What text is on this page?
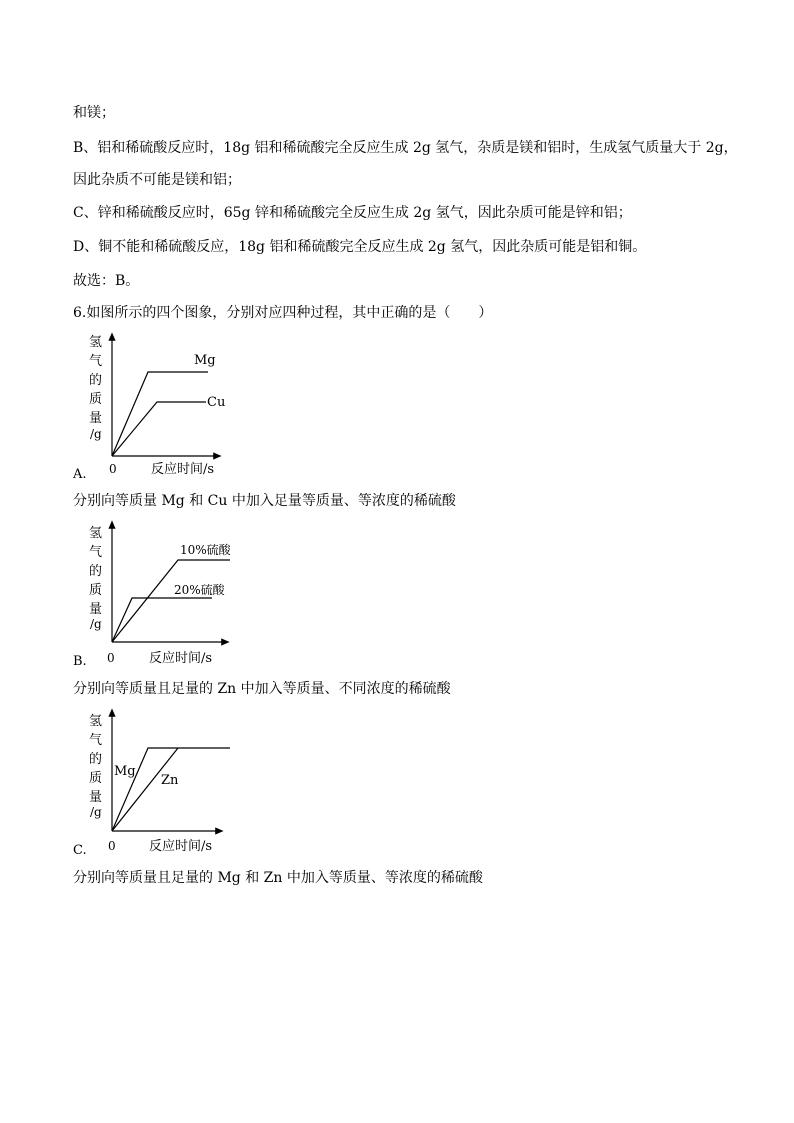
和镁；
B、铝和稀硫酸反应时，18g 铝和稀硫酸完全反应生成 2g 氢气，杂质是镁和铝时，生成氢气质量大于 2g，
因此杂质不可能是镁和铝；
C、锌和稀硫酸反应时，65g 锌和稀硫酸完全反应生成 2g 氢气，因此杂质可能是锌和铝；
D、铜不能和稀硫酸反应，18g 铝和稀硫酸完全反应生成 2g 氢气，因此杂质可能是铝和铜。
故选：B。
6.如图所示的四个图象，分别对应四种过程，其中正确的是（　　）
氢
气
的
质
量
/g
Mg
Cu
0	反应时间/s
A.
分别向等质量 Mg 和 Cu 中加入足量等质量、等浓度的稀硫酸
氢
气
的
质
量
/g
10%硫酸
20%硫酸
0	反应时间/s
B.
分别向等质量且足量的 Zn 中加入等质量、不同浓度的稀硫酸
氢
气
的
质
量
/g
Mg
Zn
0	反应时间/s
C.
分别向等质量且足量的 Mg 和 Zn 中加入等质量、等浓度的稀硫酸
